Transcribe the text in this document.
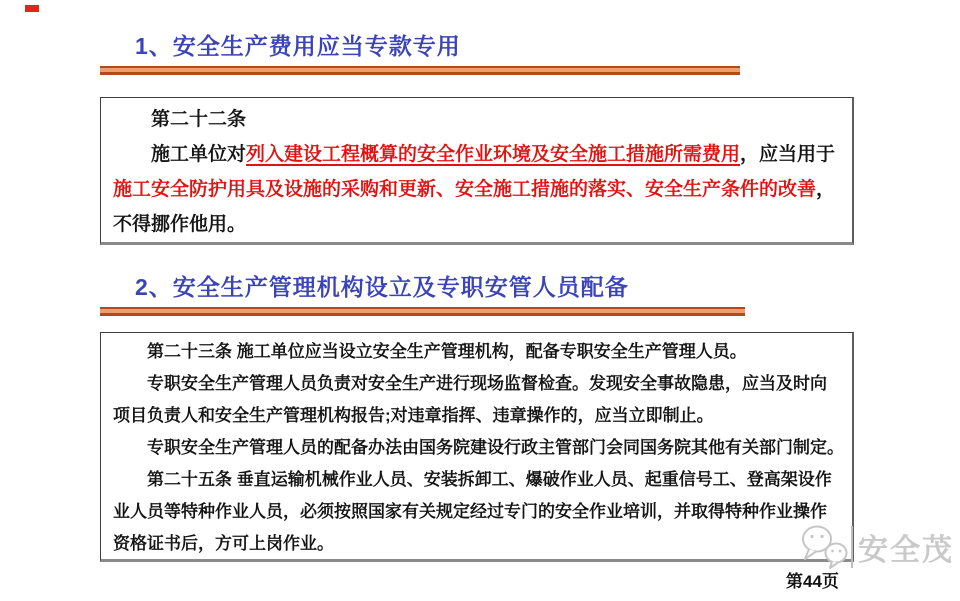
1、安全生产费用应当专款专用
第二十二条
施工单位对列入建设工程概算的安全作业环境及安全施工措施所需费用，应当用于
施工安全防护用具及设施的采购和更新、安全施工措施的落实、安全生产条件的改善，
不得挪作他用。
2、安全生产管理机构设立及专职安管人员配备
第二十三条 施工单位应当设立安全生产管理机构，配备专职安全生产管理人员。
专职安全生产管理人员负责对安全生产进行现场监督检查。发现安全事故隐患，应当及时向
项目负责人和安全生产管理机构报告;对违章指挥、违章操作的，应当立即制止。
专职安全生产管理人员的配备办法由国务院建设行政主管部门会同国务院其他有关部门制定。
第二十五条 垂直运输机械作业人员、安装拆卸工、爆破作业人员、起重信号工、登高架设作
业人员等特种作业人员，必须按照国家有关规定经过专门的安全作业培训，并取得特种作业操作
资格证书后，方可上岗作业。	安全茂
第44页
